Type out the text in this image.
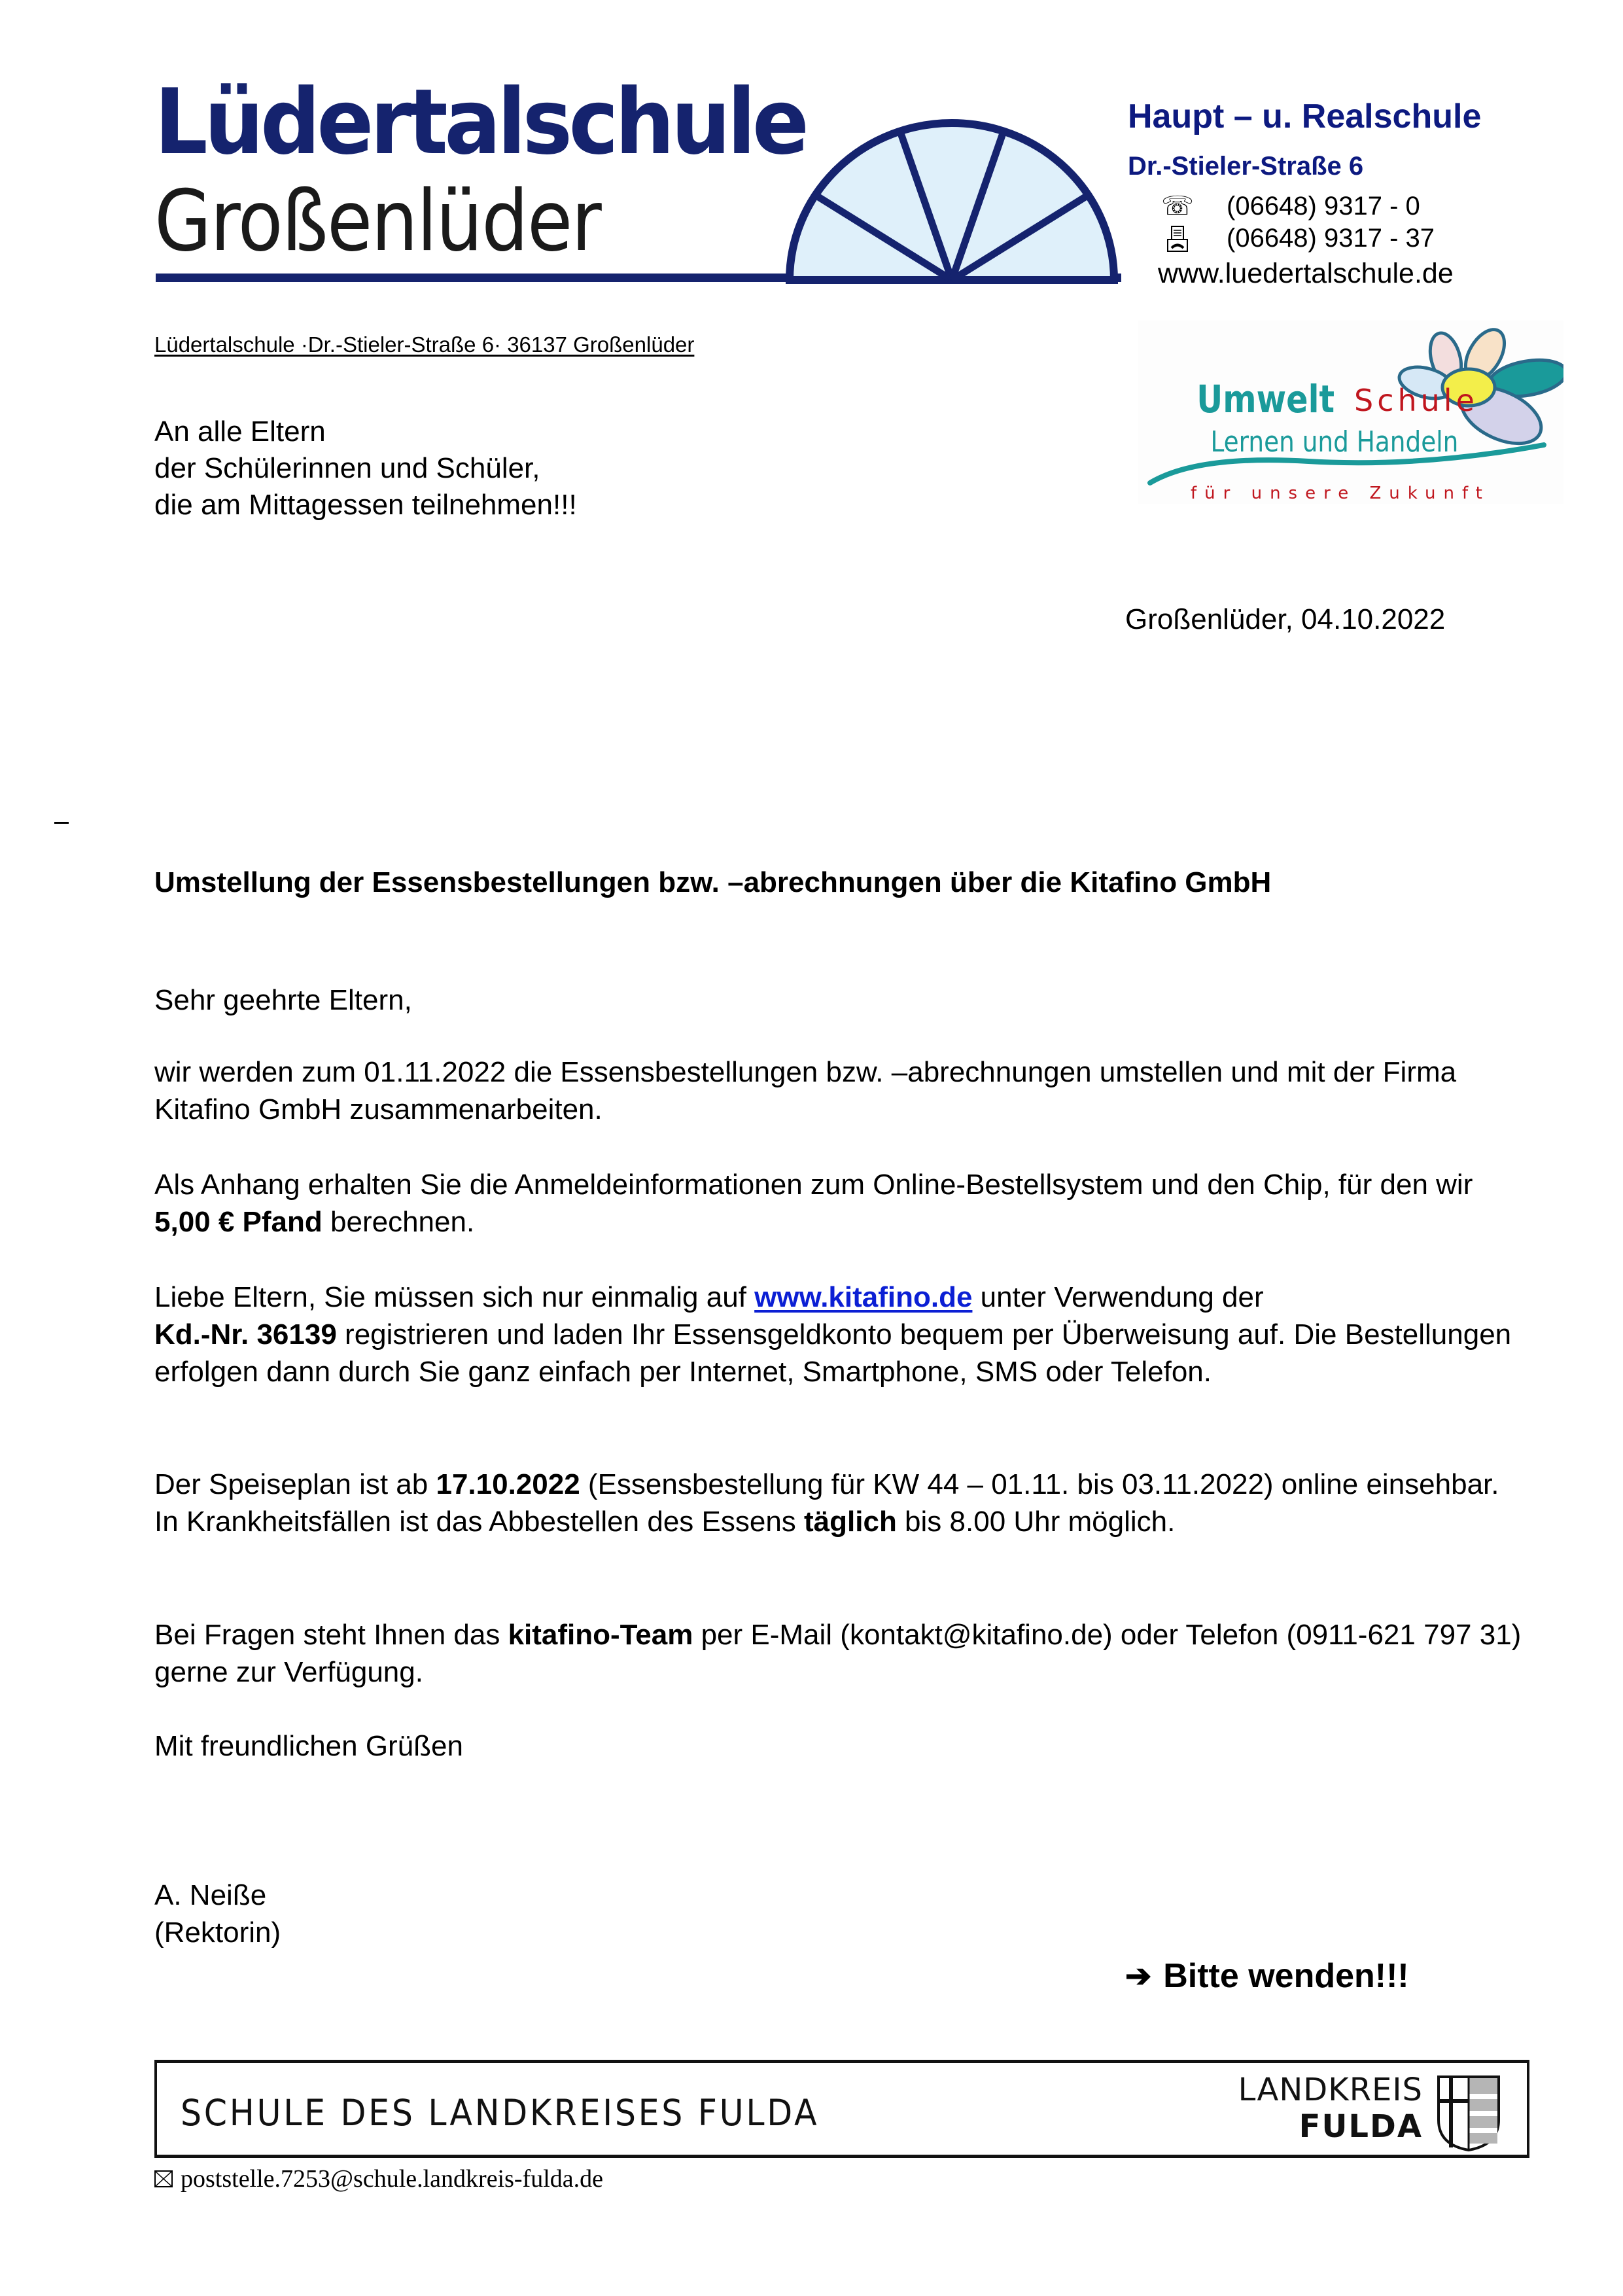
Lüdertalschule
Großenlüder
Haupt – u. Realschule
Dr.-Stieler-Straße 6
☏ (06648) 9317 - 0
(06648) 9317 - 37
www.luedertalschule.de
Lüdertalschule ·Dr.-Stieler-Straße 6· 36137 Großenlüder
Umwelt Schule
Lernen und Handeln
für unsere Zukunft
An alle Eltern
der Schülerinnen und Schüler,
die am Mittagessen teilnehmen!!!
Großenlüder, 04.10.2022
Umstellung der Essensbestellungen bzw. –abrechnungen über die Kitafino GmbH
Sehr geehrte Eltern,
wir werden zum 01.11.2022 die Essensbestellungen bzw. –abrechnungen umstellen und mit der Firma Kitafino GmbH zusammenarbeiten.
Als Anhang erhalten Sie die Anmeldeinformationen zum Online-Bestellsystem und den Chip, für den wir 5,00 € Pfand berechnen.
Liebe Eltern, Sie müssen sich nur einmalig auf www.kitafino.de unter Verwendung der
Kd.-Nr. 36139 registrieren und laden Ihr Essensgeldkonto bequem per Überweisung auf. Die Bestellungen erfolgen dann durch Sie ganz einfach per Internet, Smartphone, SMS oder Telefon.
Der Speiseplan ist ab 17.10.2022 (Essensbestellung für KW 44 – 01.11. bis 03.11.2022) online einsehbar.
In Krankheitsfällen ist das Abbestellen des Essens täglich bis 8.00 Uhr möglich.
Bei Fragen steht Ihnen das kitafino-Team per E-Mail (kontakt@kitafino.de) oder Telefon (0911-621 797 31) gerne zur Verfügung.
Mit freundlichen Grüßen
A. Neiße
(Rektorin)
➔ Bitte wenden!!!
SCHULE DES LANDKREISES FULDA
LANDKREIS
FULDA
poststelle.7253@schule.landkreis-fulda.de
